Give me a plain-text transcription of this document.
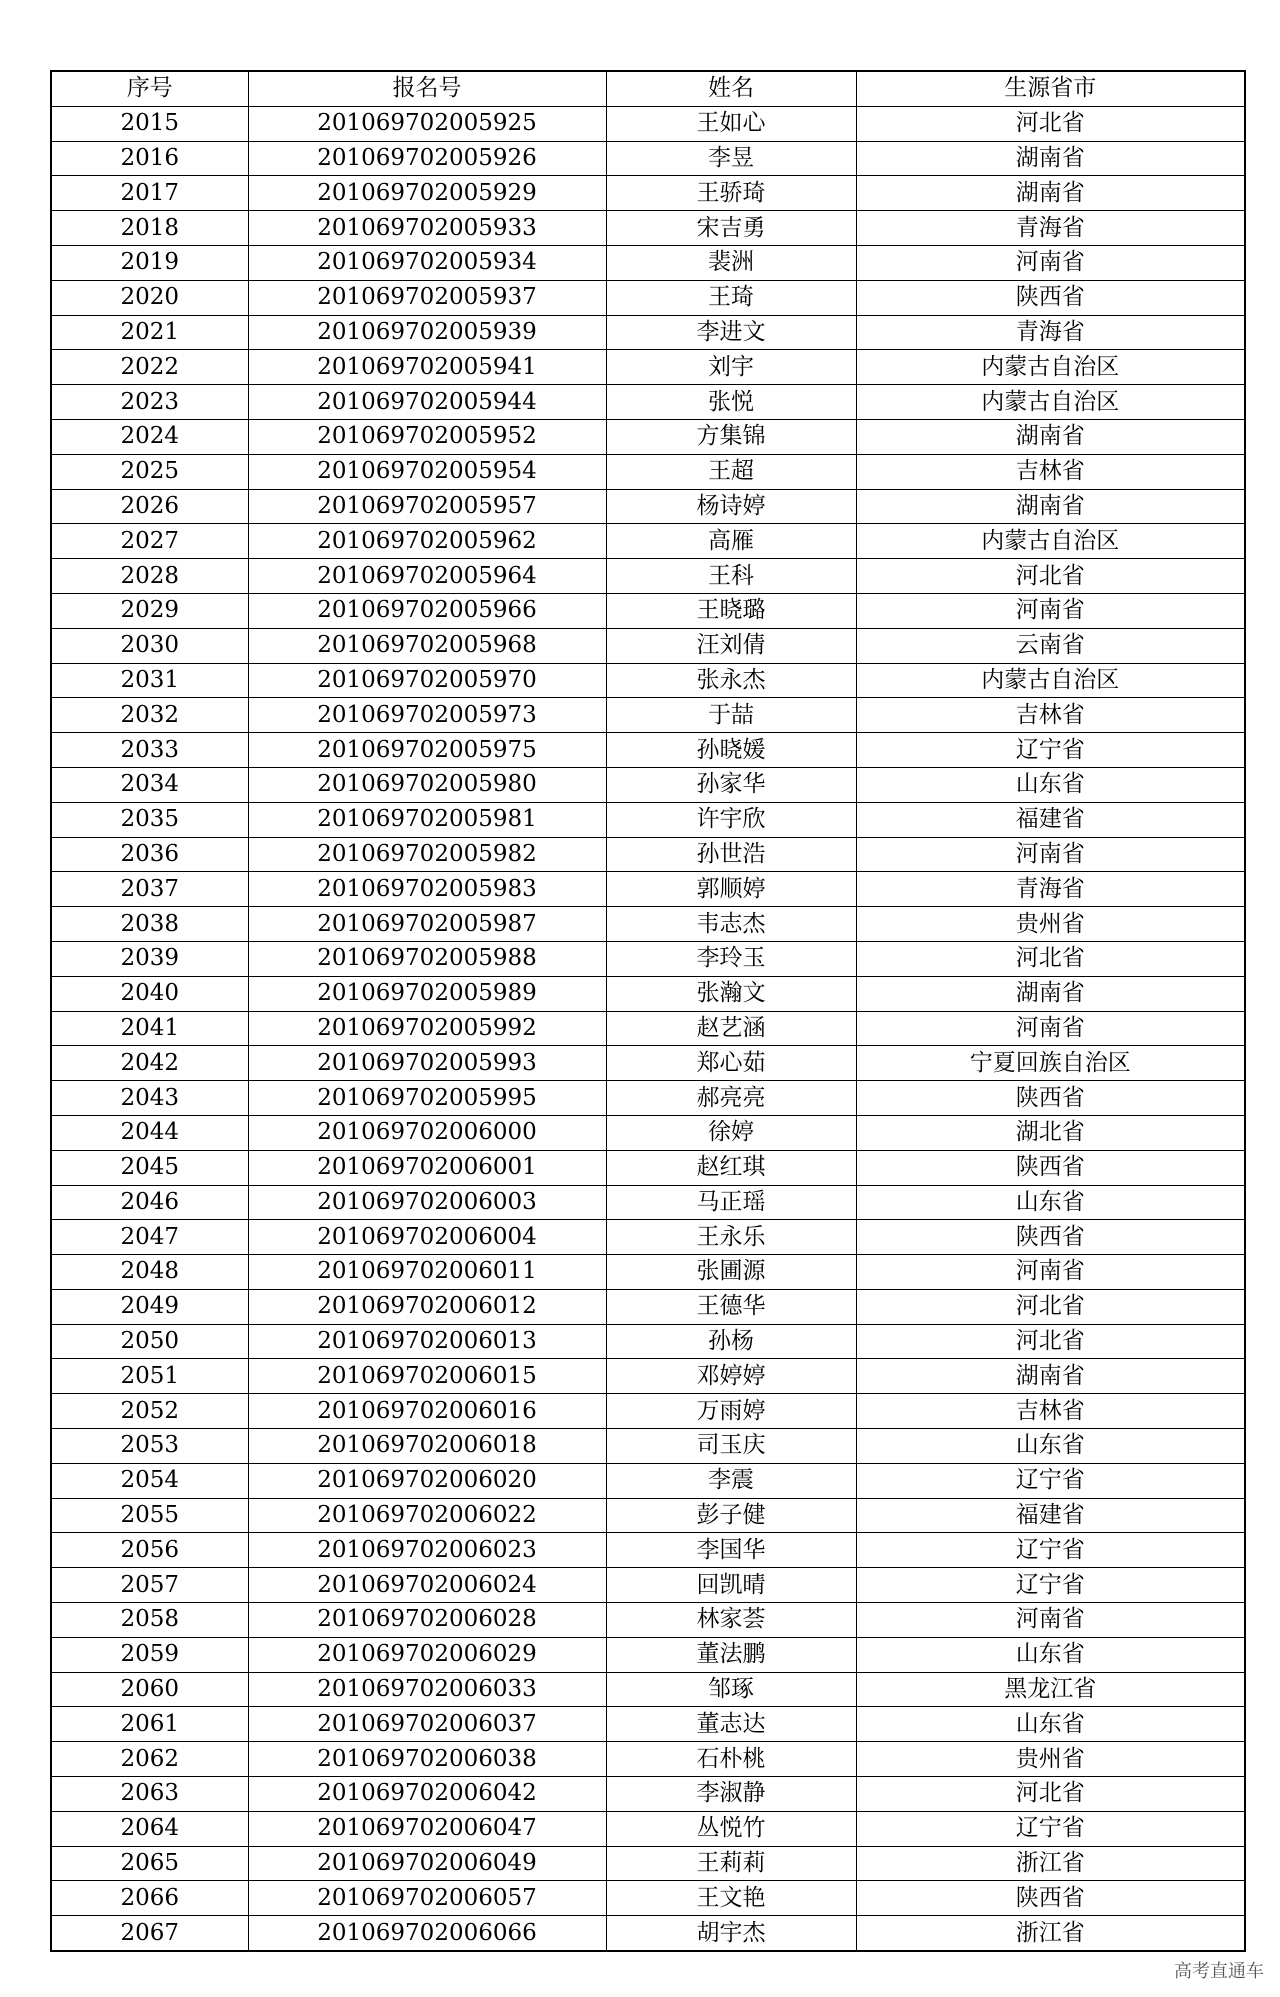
序号	报名号	姓名	生源省市
2015	201069702005925	王如心	河北省
2016	201069702005926	李昱	湖南省
2017	201069702005929	王骄琦	湖南省
2018	201069702005933	宋吉勇	青海省
2019	201069702005934	裴洲	河南省
2020	201069702005937	王琦	陕西省
2021	201069702005939	李进文	青海省
2022	201069702005941	刘宇	内蒙古自治区
2023	201069702005944	张悦	内蒙古自治区
2024	201069702005952	方集锦	湖南省
2025	201069702005954	王超	吉林省
2026	201069702005957	杨诗婷	湖南省
2027	201069702005962	高雁	内蒙古自治区
2028	201069702005964	王科	河北省
2029	201069702005966	王晓璐	河南省
2030	201069702005968	汪刘倩	云南省
2031	201069702005970	张永杰	内蒙古自治区
2032	201069702005973	于喆	吉林省
2033	201069702005975	孙晓媛	辽宁省
2034	201069702005980	孙家华	山东省
2035	201069702005981	许宇欣	福建省
2036	201069702005982	孙世浩	河南省
2037	201069702005983	郭顺婷	青海省
2038	201069702005987	韦志杰	贵州省
2039	201069702005988	李玲玉	河北省
2040	201069702005989	张瀚文	湖南省
2041	201069702005992	赵艺涵	河南省
2042	201069702005993	郑心茹	宁夏回族自治区
2043	201069702005995	郝亮亮	陕西省
2044	201069702006000	徐婷	湖北省
2045	201069702006001	赵红琪	陕西省
2046	201069702006003	马正瑶	山东省
2047	201069702006004	王永乐	陕西省
2048	201069702006011	张圃源	河南省
2049	201069702006012	王德华	河北省
2050	201069702006013	孙杨	河北省
2051	201069702006015	邓婷婷	湖南省
2052	201069702006016	万雨婷	吉林省
2053	201069702006018	司玉庆	山东省
2054	201069702006020	李震	辽宁省
2055	201069702006022	彭子健	福建省
2056	201069702006023	李国华	辽宁省
2057	201069702006024	回凯晴	辽宁省
2058	201069702006028	林家荟	河南省
2059	201069702006029	董法鹏	山东省
2060	201069702006033	邹琢	黑龙江省
2061	201069702006037	董志达	山东省
2062	201069702006038	石朴桃	贵州省
2063	201069702006042	李淑静	河北省
2064	201069702006047	丛悦竹	辽宁省
2065	201069702006049	王莉莉	浙江省
2066	201069702006057	王文艳	陕西省
2067	201069702006066	胡宇杰	浙江省
高考直通车
